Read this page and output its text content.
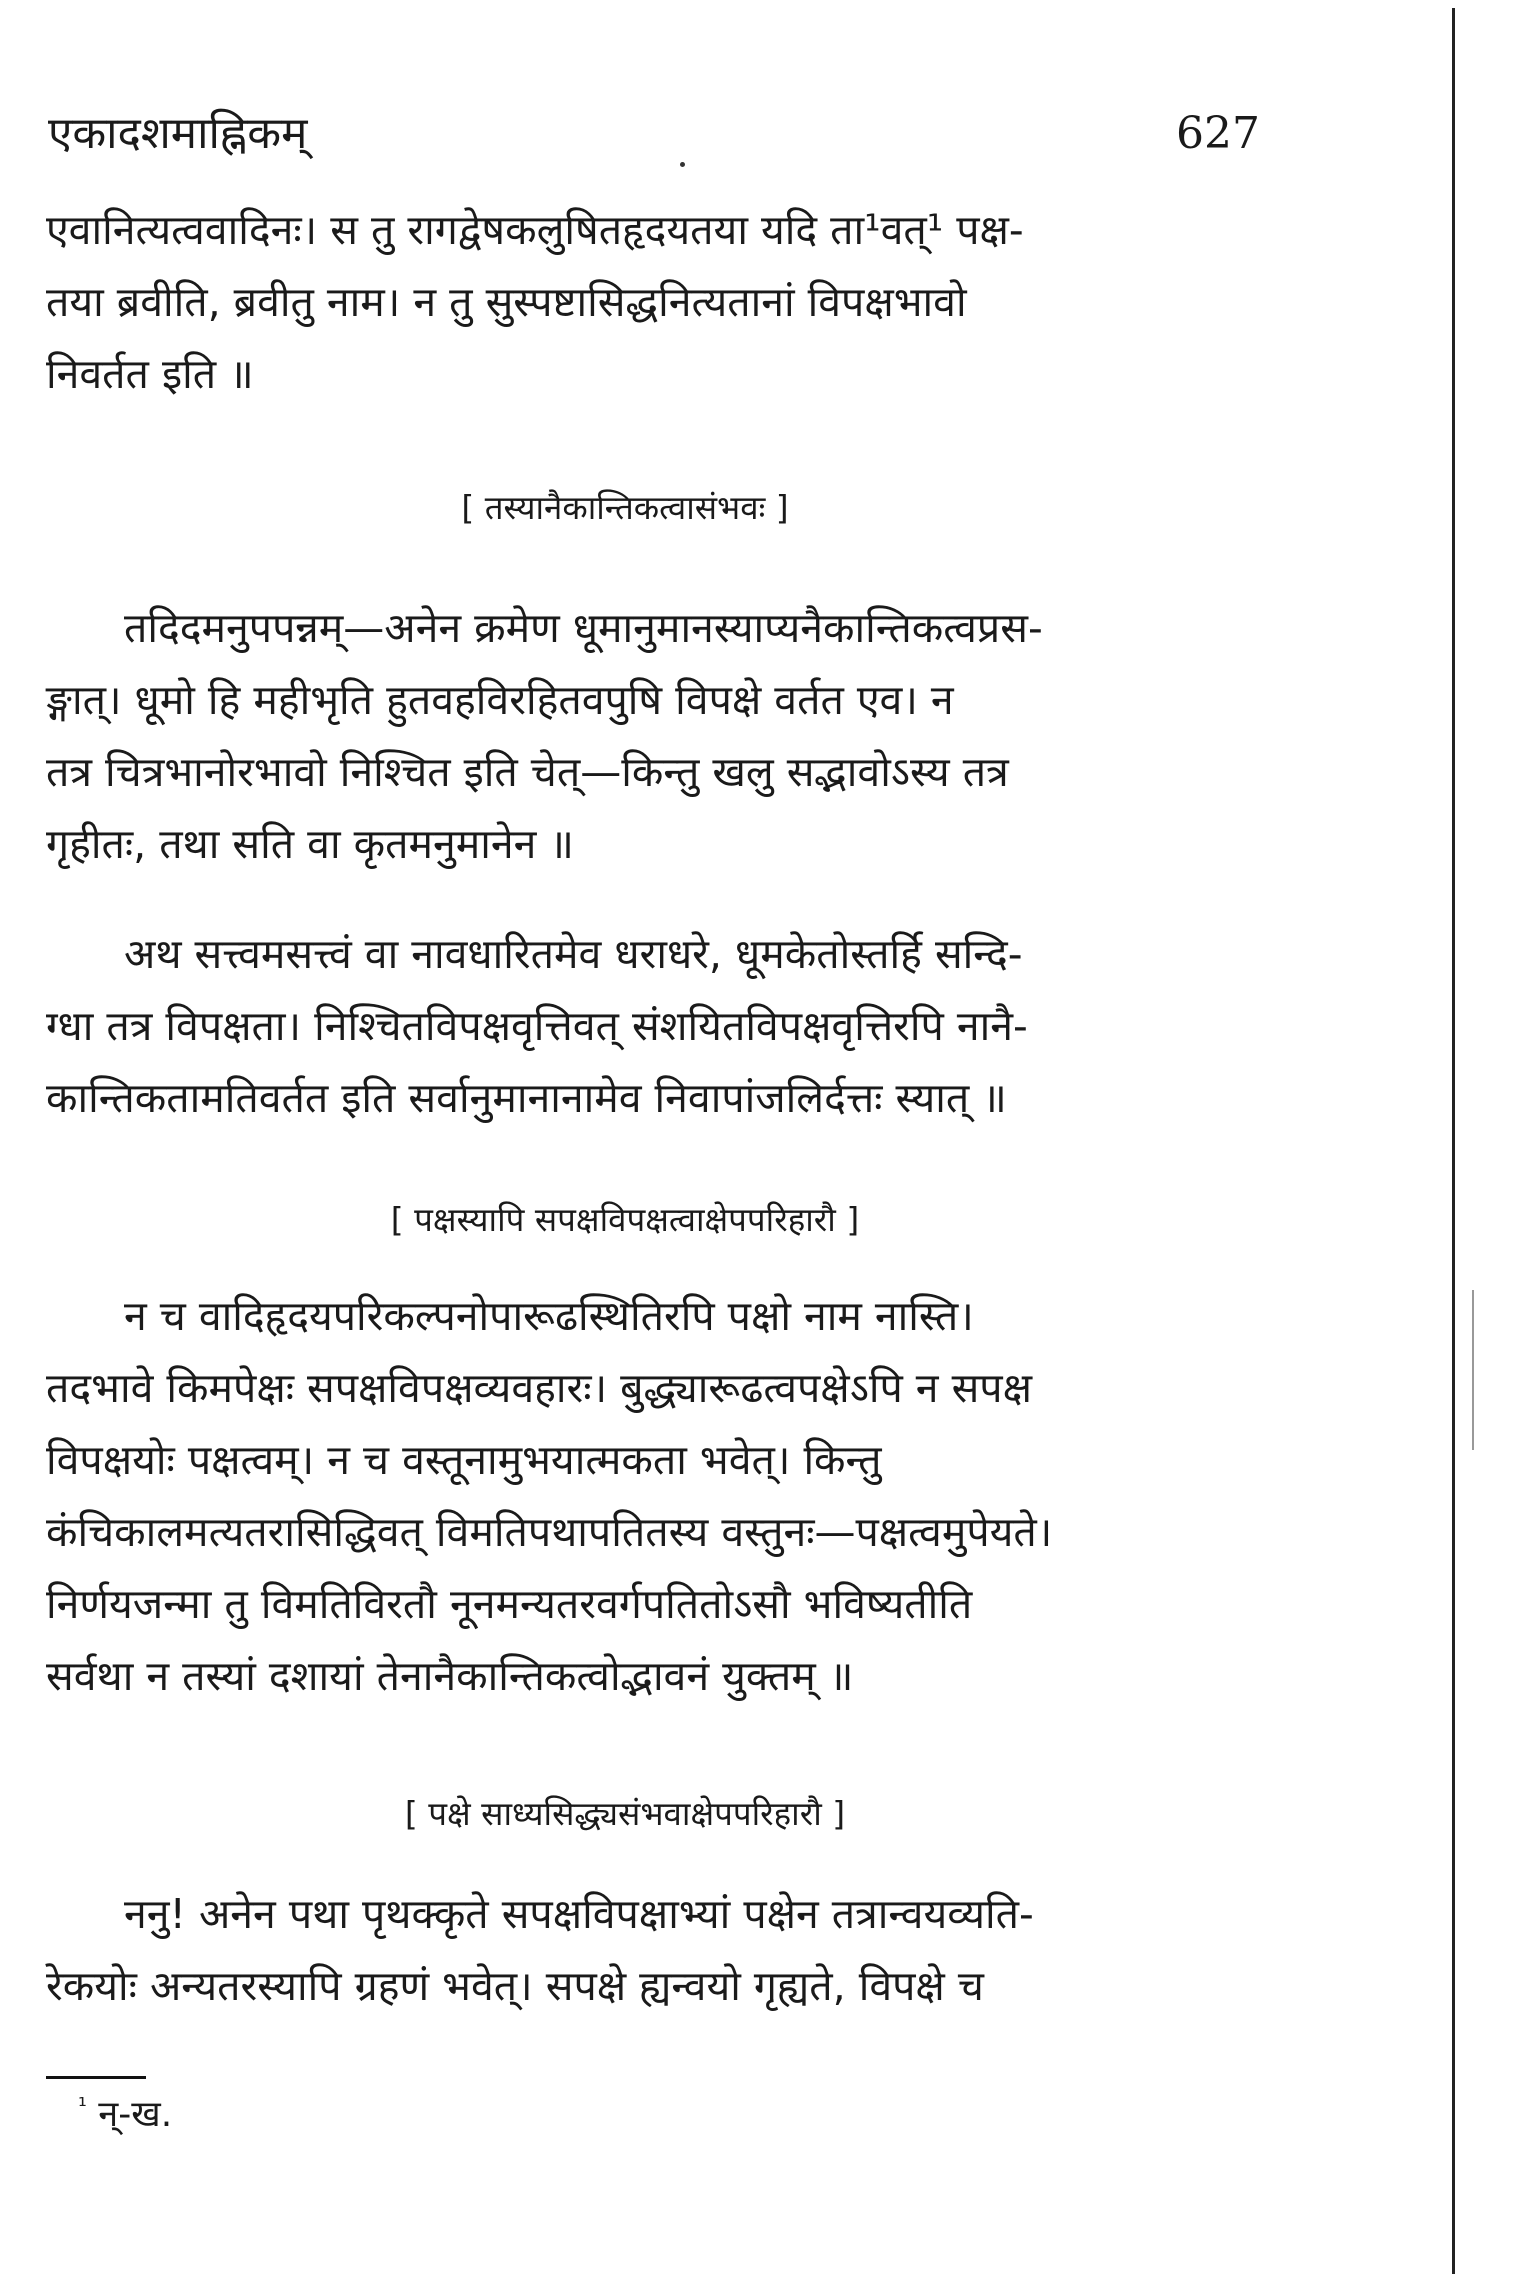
एकादशमाह्निकम्	627
एवानित्यत्ववादिनः। स तु रागद्वेषकलुषितहृदयतया यदि ता¹वत्¹ पक्ष-
तया ब्रवीति, ब्रवीतु नाम। न तु सुस्पष्टासिद्धनित्यतानां विपक्षभावो
निवर्तत इति ॥
[ तस्यानैकान्तिकत्वासंभवः ]
तदिदमनुपपन्नम्—अनेन क्रमेण धूमानुमानस्याप्यनैकान्तिकत्वप्रस-
ङ्गात्। धूमो हि महीभृति हुतवहविरहितवपुषि विपक्षे वर्तत एव। न
तत्र चित्रभानोरभावो निश्चित इति चेत्—किन्तु खलु सद्भावोऽस्य तत्र
गृहीतः, तथा सति वा कृतमनुमानेन ॥
अथ सत्त्वमसत्त्वं वा नावधारितमेव धराधरे, धूमकेतोस्तर्हि सन्दि-
ग्धा तत्र विपक्षता। निश्चितविपक्षवृत्तिवत् संशयितविपक्षवृत्तिरपि नानै-
कान्तिकतामतिवर्तत इति सर्वानुमानानामेव निवापांजलिर्दत्तः स्यात् ॥
[ पक्षस्यापि सपक्षविपक्षत्वाक्षेपपरिहारौ ]
न च वादिहृदयपरिकल्पनोपारूढस्थितिरपि पक्षो नाम नास्ति।
तदभावे किमपेक्षः सपक्षविपक्षव्यवहारः। बुद्ध्यारूढत्वपक्षेऽपि न सपक्ष
विपक्षयोः पक्षत्वम्। न च वस्तूनामुभयात्मकता भवेत्। किन्तु
कंचिकालमत्यतरासिद्धिवत् विमतिपथापतितस्य वस्तुनः—पक्षत्वमुपेयते।
निर्णयजन्मा तु विमतिविरतौ नूनमन्यतरवर्गपतितोऽसौ भविष्यतीति
सर्वथा न तस्यां दशायां तेनानैकान्तिकत्वोद्भावनं युक्तम् ॥
[ पक्षे साध्यसिद्ध्यसंभवाक्षेपपरिहारौ ]
ननु! अनेन पथा पृथक्कृते सपक्षविपक्षाभ्यां पक्षेन तत्रान्वयव्यति-
रेकयोः अन्यतरस्यापि ग्रहणं भवेत्। सपक्षे ह्यन्वयो गृह्यते, विपक्षे च
$^{^1}$ न्-ख.
